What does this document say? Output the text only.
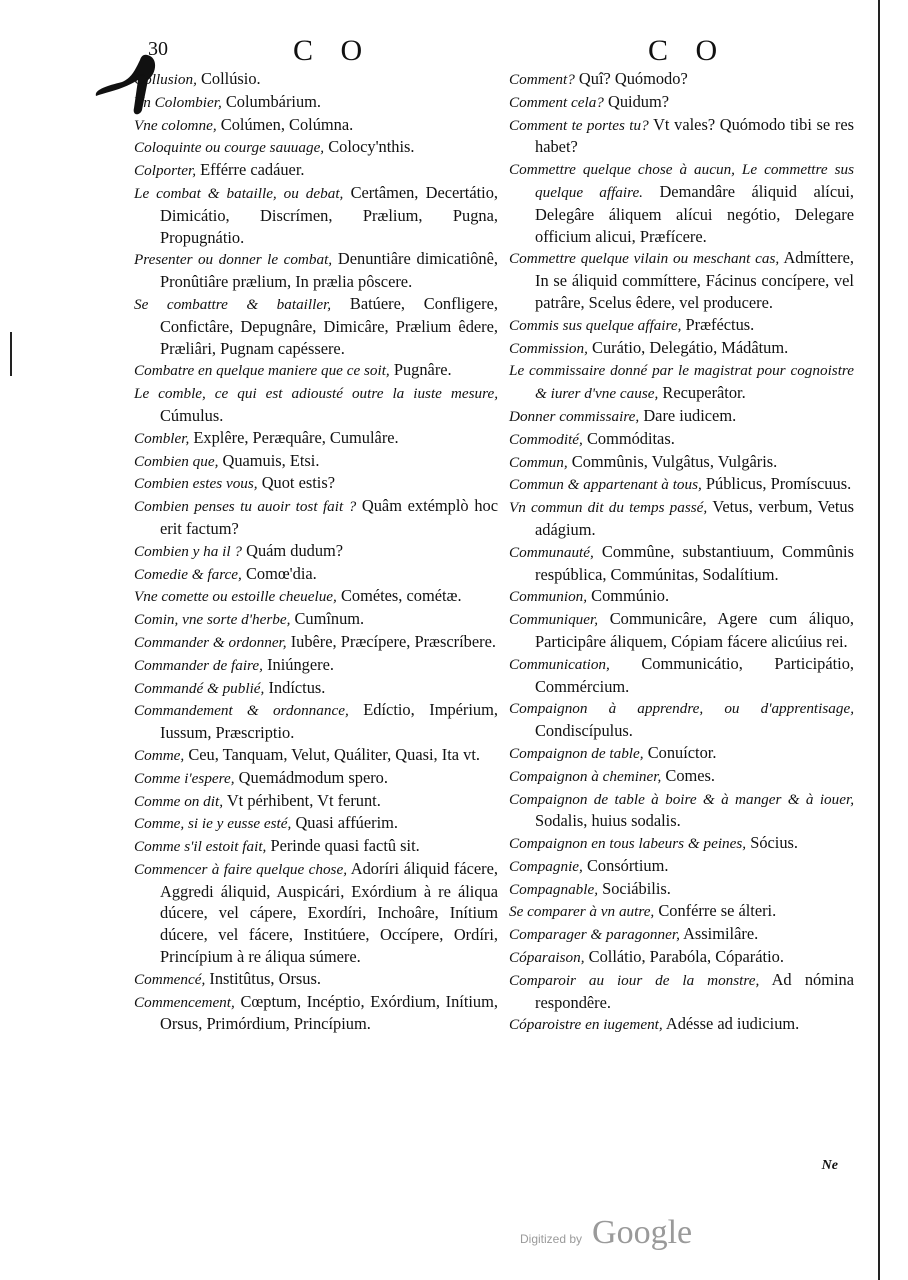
30	C O	C O

Collusion, Collúsio.

Vn Colombier, Columbárium.

Vne colomne, Colúmen, Colúmna.

Coloquinte ou courge sauuage, Colocy'nthis.

Colporter, Efférre cadáuer.

Le combat & bataille, ou debat, Certâmen, Decertátio, Dimicátio, Discrímen, Prælium, Pugna, Propugnátio.

Presenter ou donner le combat, Denuntiâre dimicatiônê, Pronûtiâre prælium, In prælia pôscere.

Se combattre & batailler, Batúere, Confligere, Confictâre, Depugnâre, Dimicâre, Prælium êdere, Præliâri, Pugnam capéssere.

Combatre en quelque maniere que ce soit, Pugnâre.

Le comble, ce qui est adiousté outre la iuste mesure, Cúmulus.

Combler, Explêre, Peræquâre, Cumulâre.

Combien que, Quamuis, Etsi.

Combien estes vous, Quot estis?

Combien penses tu auoir tost fait ? Quâm extémplò hoc erit factum?

Combien y ha il ? Quám dudum?

Comedie & farce, Comœ'dia.

Vne comette ou estoille cheuelue, Cométes, cométæ.

Comin, vne sorte d'herbe, Cumînum.

Commander & ordonner, Iubêre, Præcípere, Præscríbere.

Commander de faire, Iniúngere.

Commandé & publié, Indíctus.

Commandement & ordonnance, Edíctio, Impérium, Iussum, Præscriptio.

Comme, Ceu, Tanquam, Velut, Quáliter, Quasi, Ita vt.

Comme i'espere, Quemádmodum spero.

Comme on dit, Vt pérhibent, Vt ferunt.

Comme, si ie y eusse esté, Quasi affúerim.

Comme s'il estoit fait, Perinde quasi factû sit.

Commencer à faire quelque chose, Adoríri áliquid fácere, Aggredi áliquid, Auspicári, Exórdium à re áliqua dúcere, vel cápere, Exordíri, Inchoâre, Inítium dúcere, vel fácere, Institúere, Occípere, Ordíri, Princípium à re áliqua súmere.

Commencé, Institûtus, Orsus.

Commencement, Cœptum, Incéptio, Exórdium, Inítium, Orsus, Primórdium, Princípium.

Comment? Quî? Quómodo?

Comment cela? Quidum?

Comment te portes tu? Vt vales? Quómodo tibi se res habet?

Commettre quelque chose à aucun, Le commettre sus quelque affaire. Demandâre áliquid alícui, Delegâre áliquem alícui negótio, Delegare officium alicui, Præfícere.

Commettre quelque vilain ou meschant cas, Admíttere, In se áliquid commíttere, Fácinus concípere, vel patrâre, Scelus êdere, vel producere.

Commis sus quelque affaire, Præféctus.

Commission, Curátio, Delegátio, Mádâtum.

Le commissaire donné par le magistrat pour cognoistre & iurer d'vne cause, Recuperâtor.

Donner commissaire, Dare iudicem.

Commodité, Commóditas.

Commun, Commûnis, Vulgâtus, Vulgâris.

Commun & appartenant à tous, Públicus, Promíscuus.

Vn commun dit du temps passé, Vetus, verbum, Vetus adágium.

Communauté, Commûne, substantiuum, Commûnis respública, Commúnitas, Sodalítium.

Communion, Commúnio.

Communiquer, Communicâre, Agere cum áliquo, Participâre áliquem, Cópiam fácere alicúius rei.

Communication, Communicátio, Participátio, Commércium.

Compaignon à apprendre, ou d'apprentisage, Condiscípulus.

Compaignon de table, Conuíctor.

Compaignon à cheminer, Comes.

Compaignon de table à boire & à manger & à iouer, Sodalis, huius sodalis.

Compaignon en tous labeurs & peines, Sócius.

Compagnie, Consórtium.

Compagnable, Sociábilis.

Se comparer à vn autre, Conférre se álteri.

Comparager & paragonner, Assimilâre.

Cóparaison, Collátio, Parabóla, Cóparátio.

Comparoir au iour de la monstre, Ad nómina respondêre.

Cóparoistre en iugement, Adésse ad iudicium.

Ne
Digitized by Google
